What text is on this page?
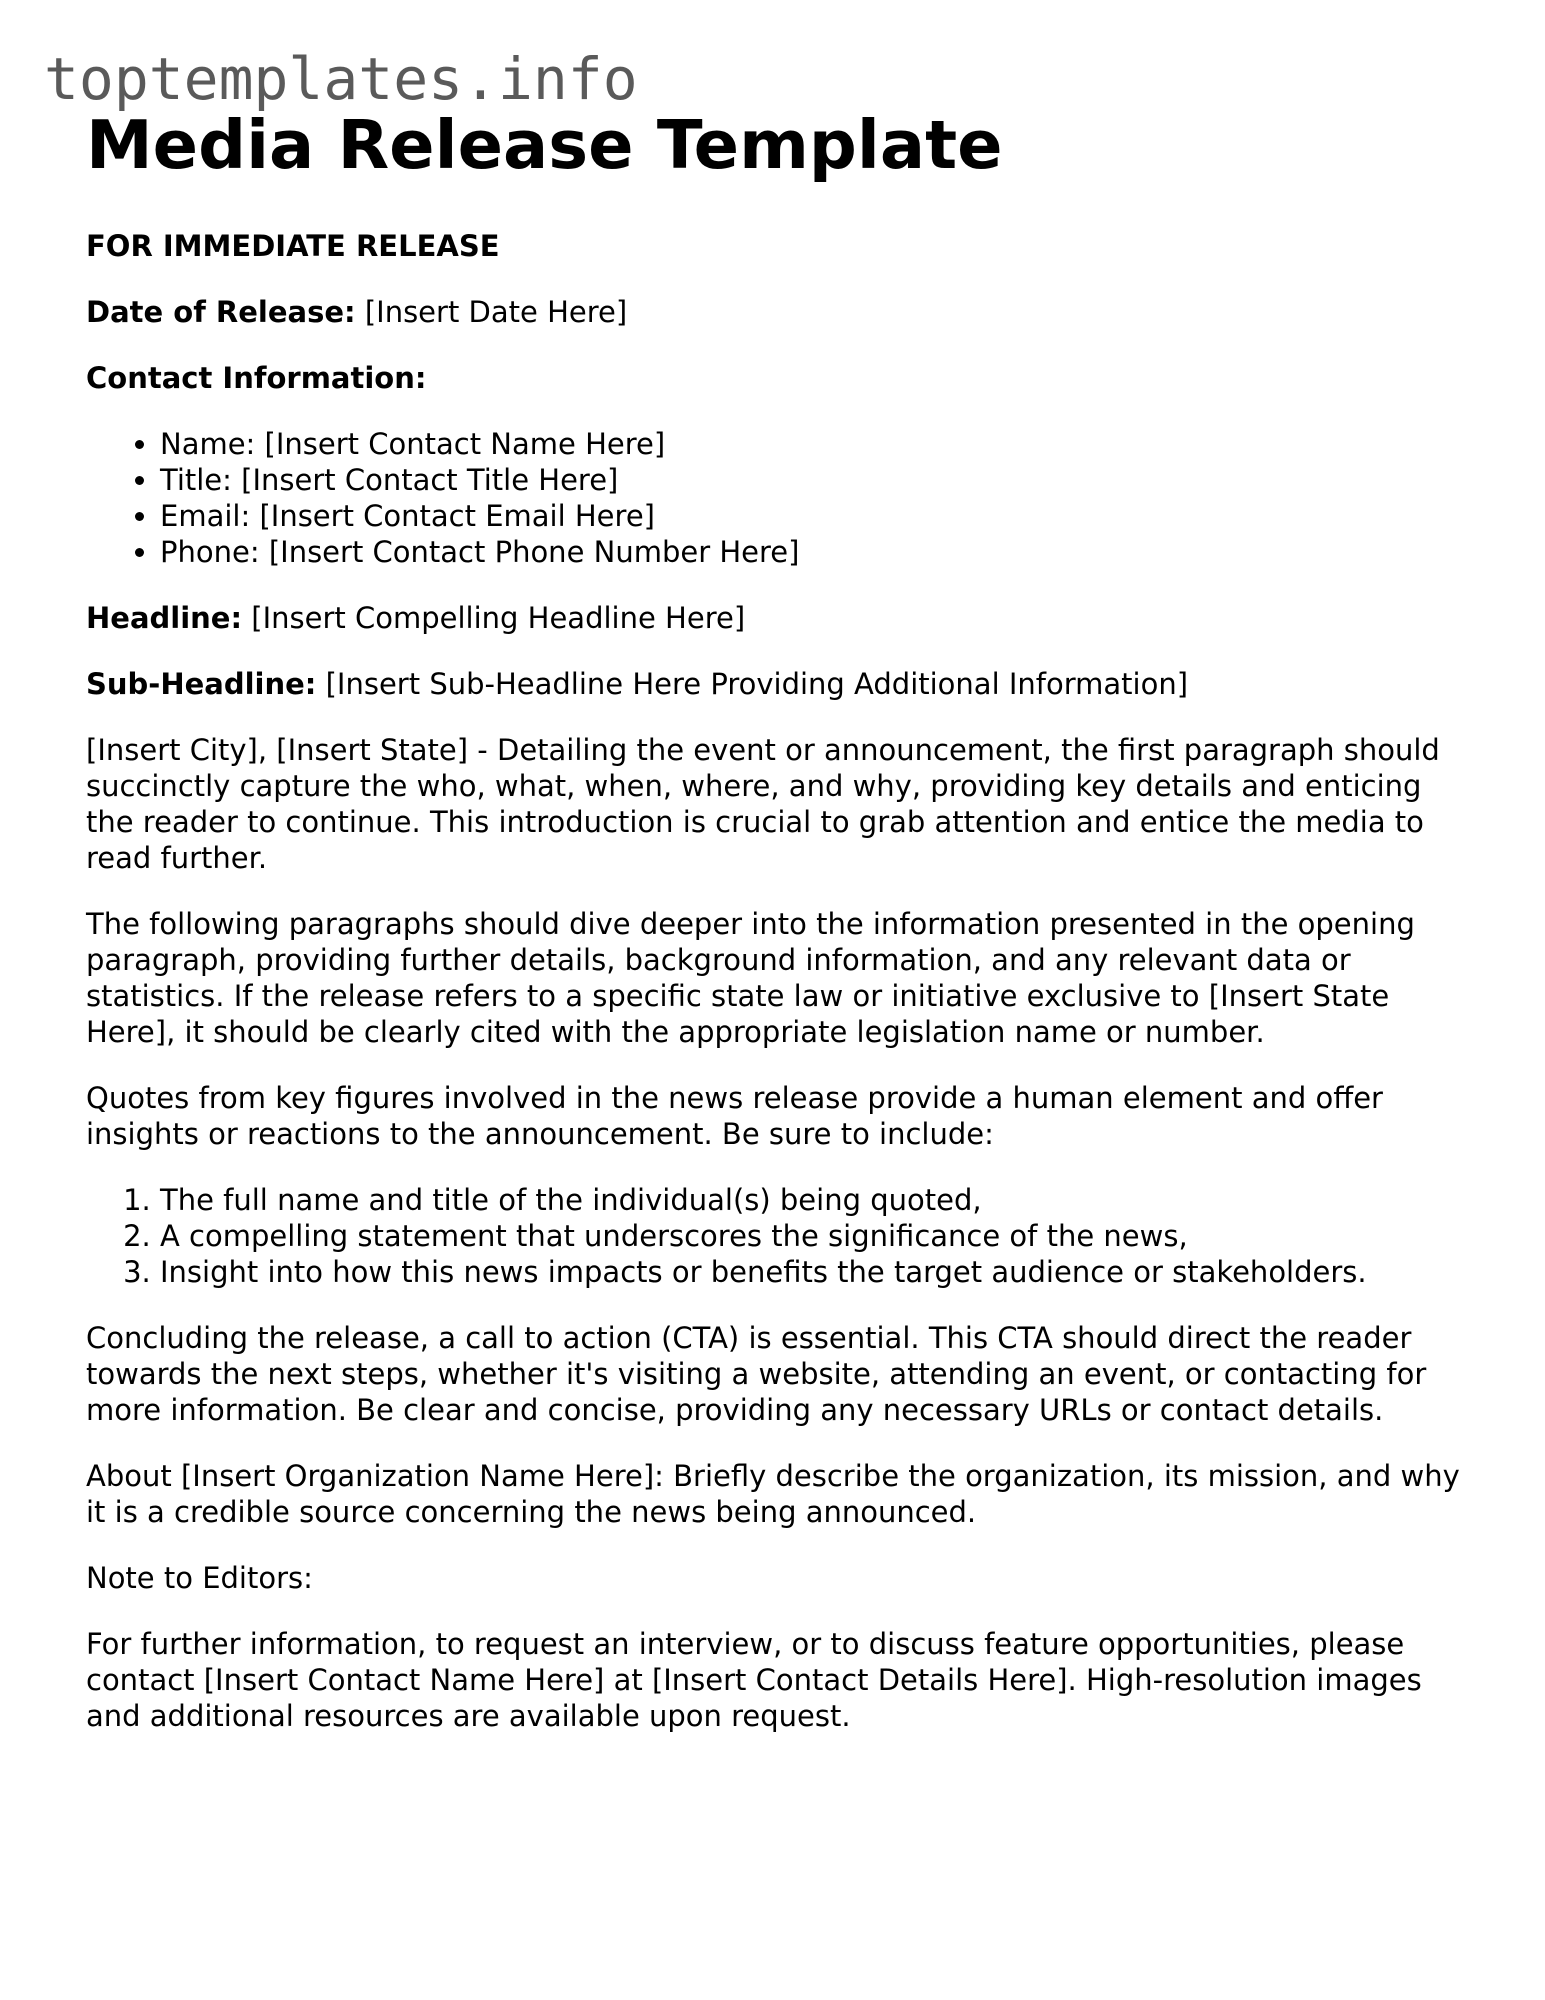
toptemplates.info
Media Release Template
FOR IMMEDIATE RELEASE

Date of Release: [Insert Date Here]

Contact Information:

• Name: [Insert Contact Name Here]
• Title: [Insert Contact Title Here]
• Email: [Insert Contact Email Here]
• Phone: [Insert Contact Phone Number Here]

Headline: [Insert Compelling Headline Here]

Sub-Headline: [Insert Sub-Headline Here Providing Additional Information]

[Insert City], [Insert State] - Detailing the event or announcement, the first paragraph should succinctly capture the who, what, when, where, and why, providing key details and enticing the reader to continue. This introduction is crucial to grab attention and entice the media to read further.

The following paragraphs should dive deeper into the information presented in the opening paragraph, providing further details, background information, and any relevant data or statistics. If the release refers to a specific state law or initiative exclusive to [Insert State Here], it should be clearly cited with the appropriate legislation name or number.

Quotes from key figures involved in the news release provide a human element and offer insights or reactions to the announcement. Be sure to include:

1. The full name and title of the individual(s) being quoted,
2. A compelling statement that underscores the significance of the news,
3. Insight into how this news impacts or benefits the target audience or stakeholders.

Concluding the release, a call to action (CTA) is essential. This CTA should direct the reader towards the next steps, whether it's visiting a website, attending an event, or contacting for more information. Be clear and concise, providing any necessary URLs or contact details.

About [Insert Organization Name Here]: Briefly describe the organization, its mission, and why it is a credible source concerning the news being announced.

Note to Editors:

For further information, to request an interview, or to discuss feature opportunities, please contact [Insert Contact Name Here] at [Insert Contact Details Here]. High-resolution images and additional resources are available upon request.
